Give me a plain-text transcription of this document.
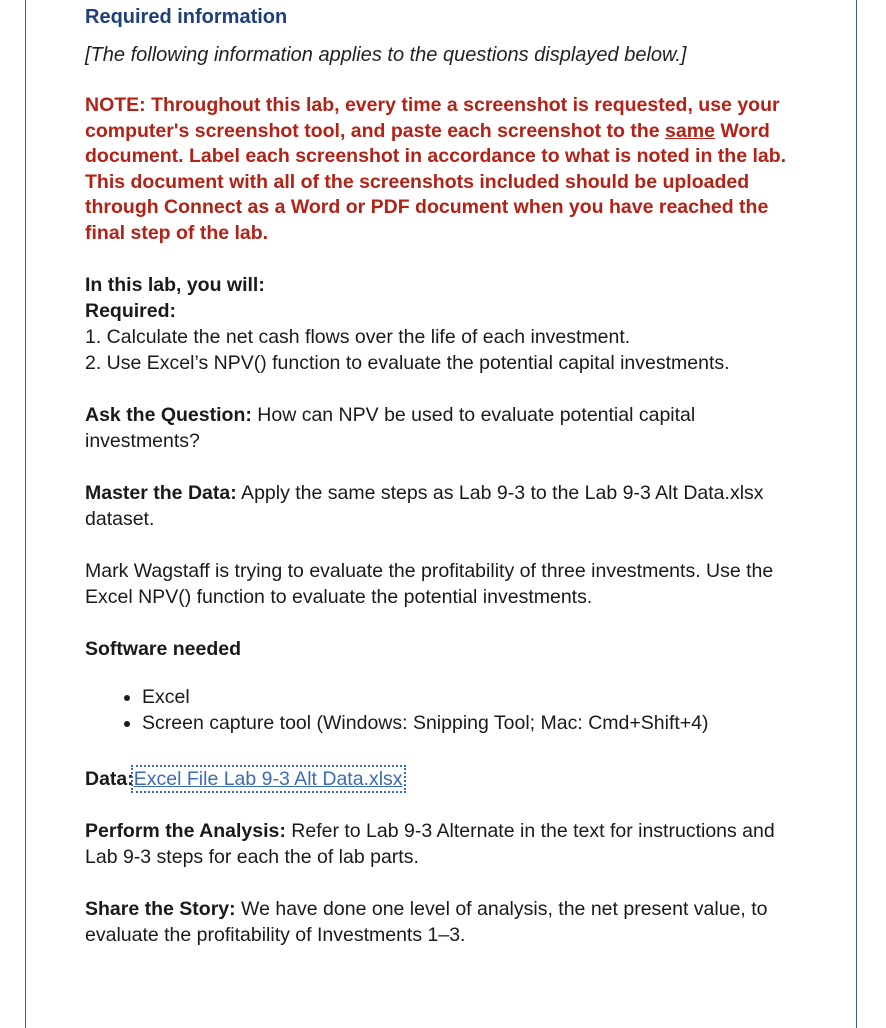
Required information

[The following information applies to the questions displayed below.]

NOTE: Throughout this lab, every time a screenshot is requested, use your computer's screenshot tool, and paste each screenshot to the same Word document. Label each screenshot in accordance to what is noted in the lab. This document with all of the screenshots included should be uploaded through Connect as a Word or PDF document when you have reached the final step of the lab.

In this lab, you will:

Required:

1. Calculate the net cash flows over the life of each investment.

2. Use Excel’s NPV() function to evaluate the potential capital investments.

Ask the Question: How can NPV be used to evaluate potential capital investments?

Master the Data: Apply the same steps as Lab 9-3 to the Lab 9-3 Alt Data.xlsx dataset.

Mark Wagstaff is trying to evaluate the profitability of three investments. Use the Excel NPV() function to evaluate the potential investments.

Software needed

• Excel
• Screen capture tool (Windows: Snipping Tool; Mac: Cmd+Shift+4)

Data:Excel File Lab 9-3 Alt Data.xlsx

Perform the Analysis: Refer to Lab 9-3 Alternate in the text for instructions and Lab 9-3 steps for each the of lab parts.

Share the Story: We have done one level of analysis, the net present value, to evaluate the profitability of Investments 1–3.
